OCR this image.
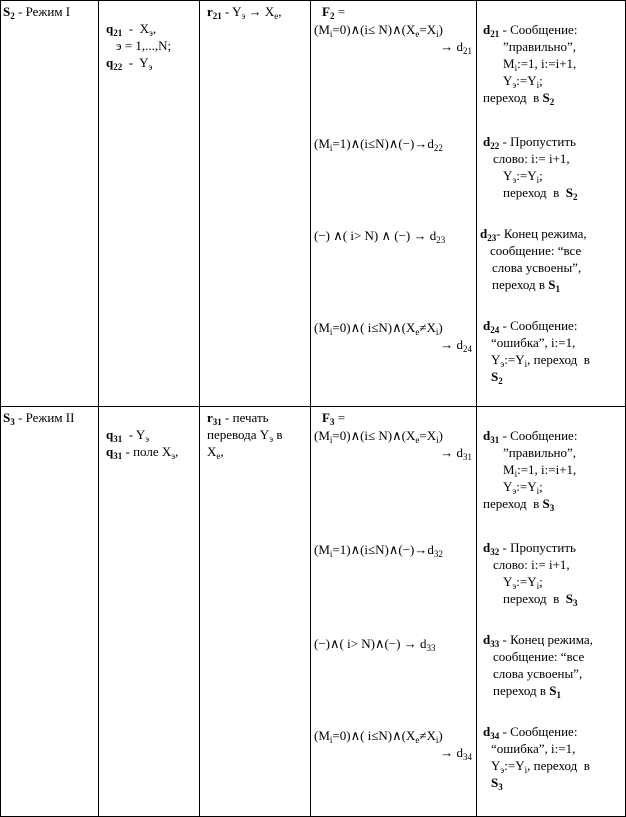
$S_2$ - Режим I

$q_{21} - X_э$,
э = 1,...,N;
$q_{22} - Y_э$
$r_{21} - Y_э \to X_e$,	$F_2$ =
$(M_i=0)\wedge(i\le$ $N)\wedge(X_e=X_i)$

→ $d_{21}$
$(M_i=1)\wedge(i\le N)\wedge(-)\to d_{22}$
(−) ∧( i> N) ∧ (−) → $d_{23}$
$(M_i=0)\wedge$( $i\le N)\wedge(X_e\ne X_i)$

→ $d_{24}$
$d_{21}$ - Сообщение:
”правильно”,
$M_i:=1$, i:=i+1,
$Y_э:=Y_i$;
переход  в $S_2$
$d_{22}$ - Пропустить
слово: i:= i+1,
$Y_э:=Y_i$;
переход  в  $S_2$
$d_{23}-$ Конец режима,
сообщение: “все
слова усвоены”,
переход в $S_1$
$d_{24}$ - Сообщение:
“ошибка”, i:=1,
$Y_э:=Y_i$, переход  в
$S_2$
$S_3$ - Режим II

$q_{31} - Y_э$
$q_{31}$ - поле $X_э$,
$r_{31}$ - печать
перевода $Y_э$ в
$X_e$,
$F_3$ =
$(M_i=0)\wedge(i\le$ $N)\wedge(X_e=X_i)$

→ $d_{31}$
$(M_i=1)\wedge(i\le N)\wedge(-)\to d_{32}$
(−)∧( i> N)∧(−) → $d_{33}$
$(M_i=0)\wedge$( $i\le N)\wedge(X_e\ne X_i)$

→ $d_{34}$
$d_{31}$ - Сообщение:
”правильно”,
$M_i:=1$, i:=i+1,
$Y_э:=Y_i$;
переход  в $S_3$
$d_{32}$ - Пропустить
слово: i:= i+1,
$Y_э:=Y_i$;
переход  в  $S_3$
$d_{33}$ - Конец режима,
сообщение: “все
слова усвоены”,
переход в $S_1$
$d_{34}$ - Сообщение:
“ошибка”, i:=1,
$Y_э:=Y_i$, переход  в
$S_3$
